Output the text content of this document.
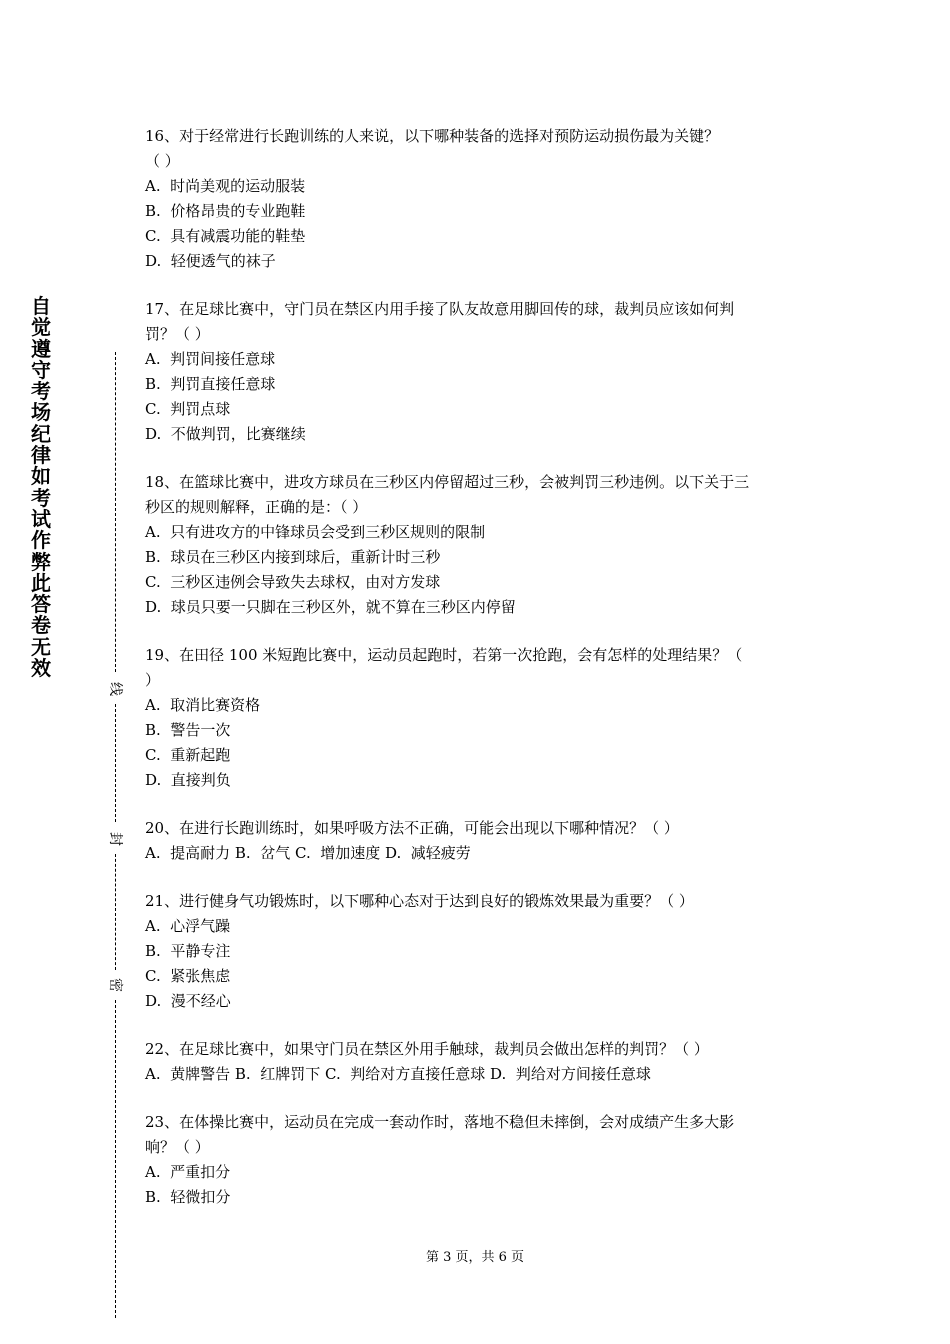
自觉遵守考场纪律如考试作弊此答卷无效
线
封
密
16、对于经常进行长跑训练的人来说，以下哪种装备的选择对预防运动损伤最为关键？
（ ）
A.  时尚美观的运动服装
B.  价格昂贵的专业跑鞋
C.  具有减震功能的鞋垫
D.  轻便透气的袜子
17、在足球比赛中，守门员在禁区内用手接了队友故意用脚回传的球，裁判员应该如何判
罚？（ ）
A.  判罚间接任意球
B.  判罚直接任意球
C.  判罚点球
D.  不做判罚，比赛继续
18、在篮球比赛中，进攻方球员在三秒区内停留超过三秒，会被判罚三秒违例。以下关于三
秒区的规则解释，正确的是：（ ）
A.  只有进攻方的中锋球员会受到三秒区规则的限制
B.  球员在三秒区内接到球后，重新计时三秒
C.  三秒区违例会导致失去球权，由对方发球
D.  球员只要一只脚在三秒区外，就不算在三秒区内停留
19、在田径 100 米短跑比赛中，运动员起跑时，若第一次抢跑，会有怎样的处理结果？（
）
A.  取消比赛资格
B.  警告一次
C.  重新起跑
D.  直接判负
20、在进行长跑训练时，如果呼吸方法不正确，可能会出现以下哪种情况？（ ）
A.  提高耐力 B.  岔气 C.  增加速度 D.  减轻疲劳
21、进行健身气功锻炼时，以下哪种心态对于达到良好的锻炼效果最为重要？（ ）
A.  心浮气躁
B.  平静专注
C.  紧张焦虑
D.  漫不经心
22、在足球比赛中，如果守门员在禁区外用手触球，裁判员会做出怎样的判罚？（ ）
A.  黄牌警告 B.  红牌罚下 C.  判给对方直接任意球 D.  判给对方间接任意球
23、在体操比赛中，运动员在完成一套动作时，落地不稳但未摔倒，会对成绩产生多大影
响？（ ）
A.  严重扣分
B.  轻微扣分
第 3 页，共 6 页
